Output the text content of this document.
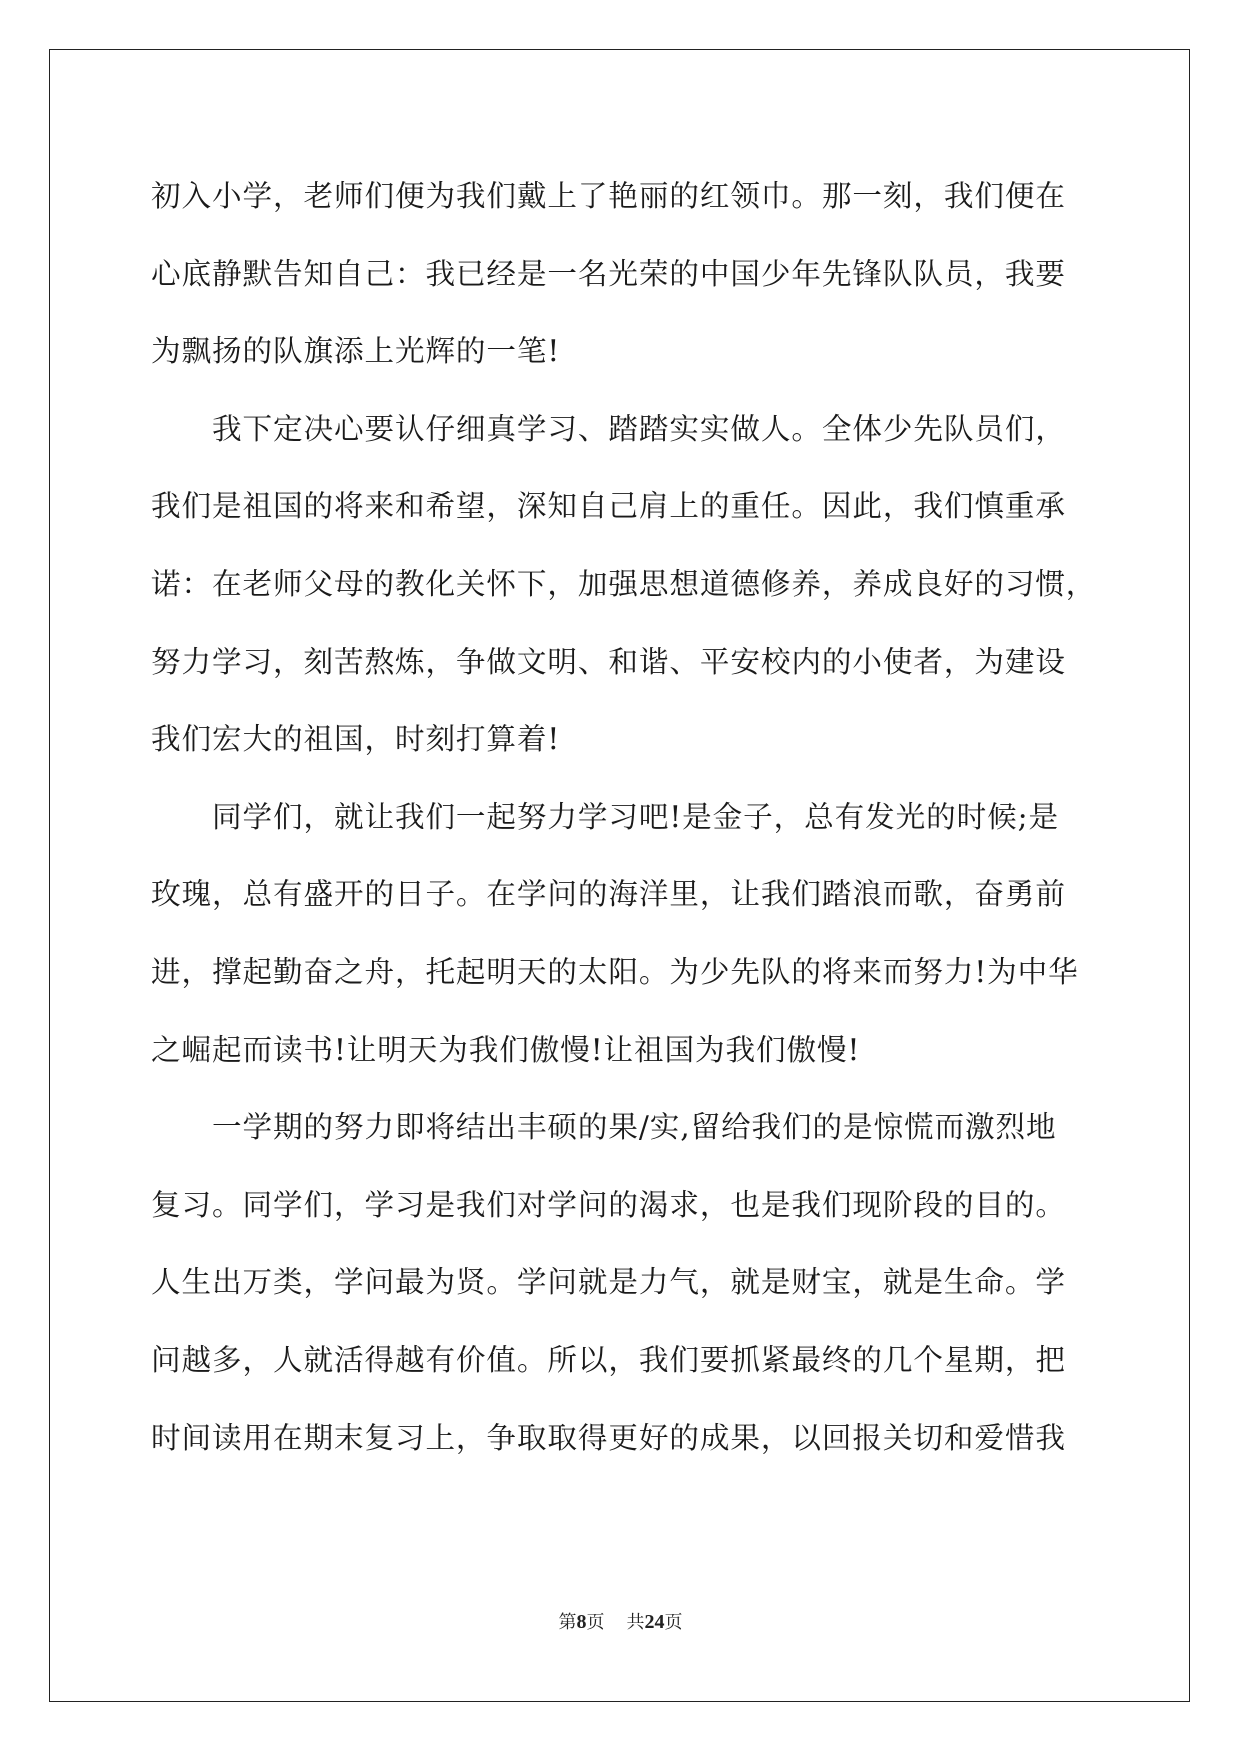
初入小学，老师们便为我们戴上了艳丽的红领巾。那一刻，我们便在
心底静默告知自己：我已经是一名光荣的中国少年先锋队队员，我要
为飘扬的队旗添上光辉的一笔!
　　我下定决心要认仔细真学习、踏踏实实做人。全体少先队员们，
我们是祖国的将来和希望，深知自己肩上的重任。因此，我们慎重承
诺：在老师父母的教化关怀下，加强思想道德修养，养成良好的习惯，
努力学习，刻苦熬炼，争做文明、和谐、平安校内的小使者，为建设
我们宏大的祖国，时刻打算着!
　　同学们，就让我们一起努力学习吧!是金子，总有发光的时候;是
玫瑰，总有盛开的日子。在学问的海洋里，让我们踏浪而歌，奋勇前
进，撑起勤奋之舟，托起明天的太阳。为少先队的将来而努力!为中华
之崛起而读书!让明天为我们傲慢!让祖国为我们傲慢!
　　一学期的努力即将结出丰硕的果/实,留给我们的是惊慌而激烈地
复习。同学们，学习是我们对学问的渴求，也是我们现阶段的目的。
人生出万类，学问最为贤。学问就是力气，就是财宝，就是生命。学
问越多，人就活得越有价值。所以，我们要抓紧最终的几个星期，把
时间读用在期末复习上，争取取得更好的成果，以回报关切和爱惜我
第8页 共24页
